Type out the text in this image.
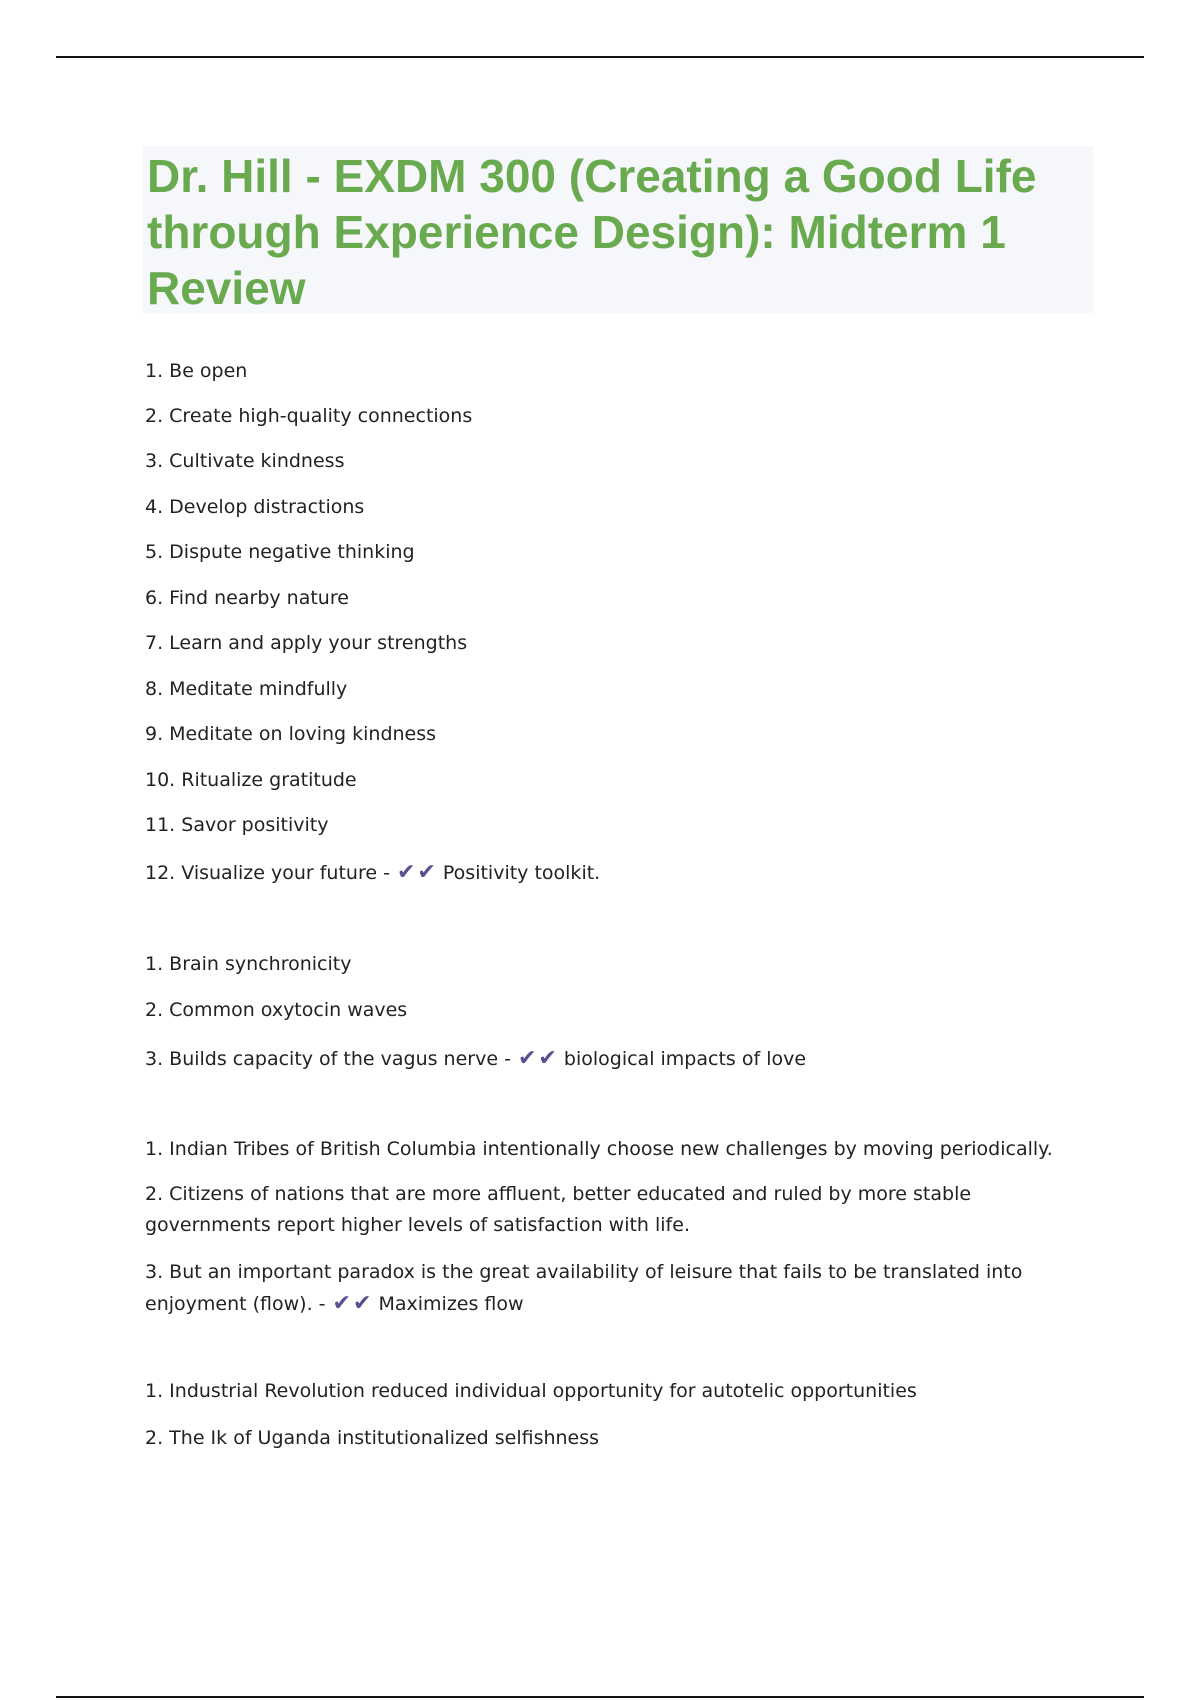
Dr. Hill - EXDM 300 (Creating a Good Life through Experience Design): Midterm 1 Review
1. Be open
2. Create high-quality connections
3. Cultivate kindness
4. Develop distractions
5. Dispute negative thinking
6. Find nearby nature
7. Learn and apply your strengths
8. Meditate mindfully
9. Meditate on loving kindness
10. Ritualize gratitude
11. Savor positivity
12. Visualize your future - ✔✔ Positivity toolkit.
1. Brain synchronicity
2. Common oxytocin waves
3. Builds capacity of the vagus nerve - ✔✔ biological impacts of love
1. Indian Tribes of British Columbia intentionally choose new challenges by moving periodically.
2. Citizens of nations that are more affluent, better educated and ruled by more stable governments report higher levels of satisfaction with life.
3. But an important paradox is the great availability of leisure that fails to be translated into enjoyment (flow). - ✔✔ Maximizes flow
1. Industrial Revolution reduced individual opportunity for autotelic opportunities
2. The Ik of Uganda institutionalized selfishness
